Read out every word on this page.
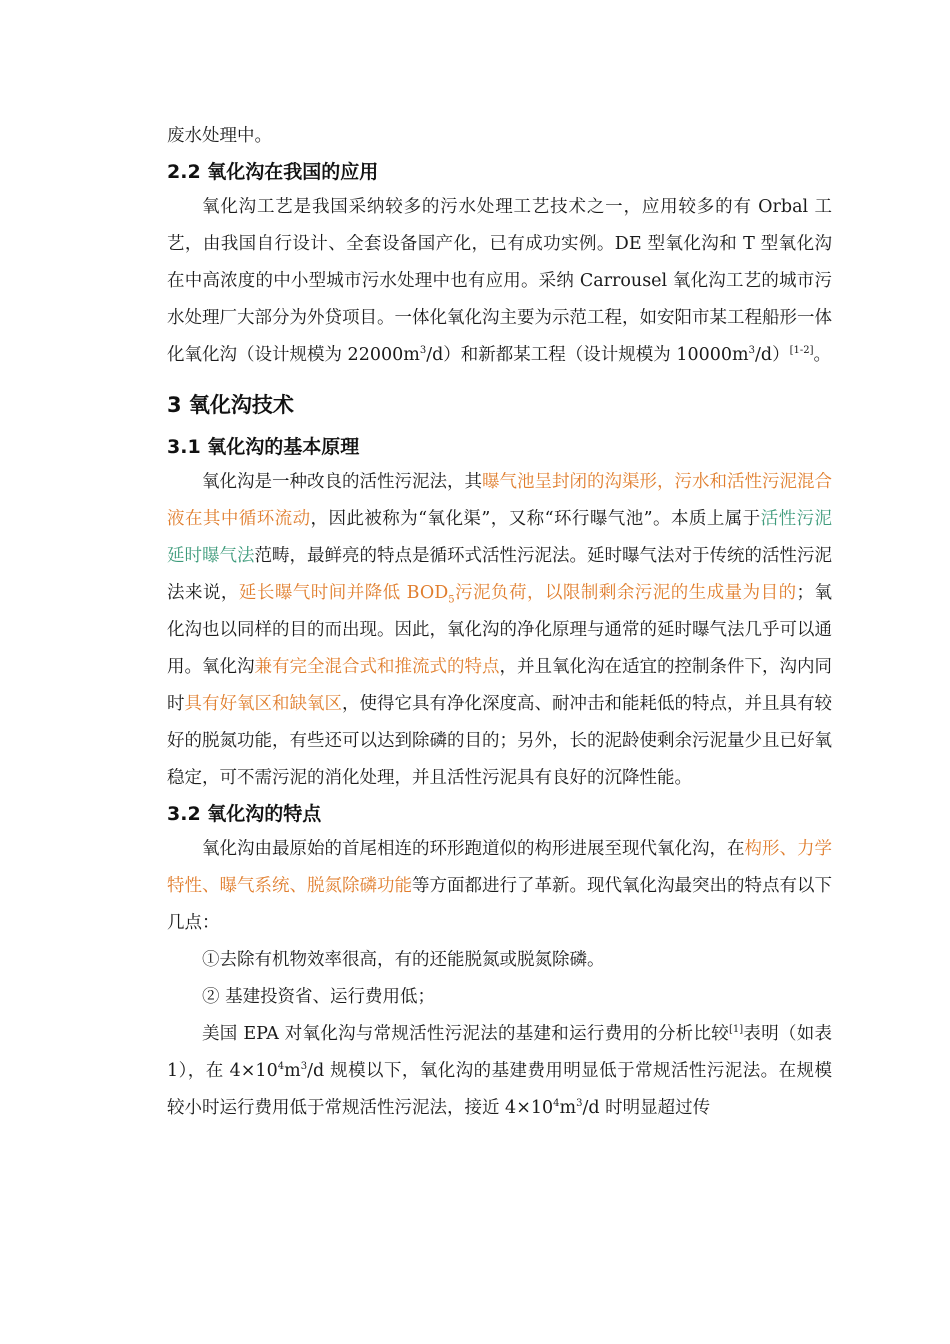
废水处理中。

2.2 氧化沟在我国的应用

氧化沟工艺是我国采纳较多的污水处理工艺技术之一，应用较多的有 Orbal 工艺，由我国自行设计、全套设备国产化，已有成功实例。DE 型氧化沟和 T 型氧化沟在中高浓度的中小型城市污水处理中也有应用。采纳 Carrousel 氧化沟工艺的城市污水处理厂大部分为外贷项目。一体化氧化沟主要为示范工程，如安阳市某工程船形一体化氧化沟（设计规模为 $22000m^3/d$）和新都某工程（设计规模为 $10000m^3/d)[1-2]$。

3 氧化沟技术
3.1 氧化沟的基本原理

氧化沟是一种改良的活性污泥法，其曝气池呈封闭的沟渠形，污水和活性污泥混合液在其中循环流动，因此被称为“氧化渠”，又称“环行曝气池”。本质上属于活性污泥延时曝气法范畴，最鲜亮的特点是循环式活性污泥法。延时曝气法对于传统的活性污泥法来说，延长曝气时间并降低 $BOD_5$污泥负荷，以限制剩余污泥的生成量为目的；氧化沟也以同样的目的而出现。因此，氧化沟的净化原理与通常的延时曝气法几乎可以通用。氧化沟兼有完全混合式和推流式的特点，并且氧化沟在适宜的控制条件下，沟内同时具有好氧区和缺氧区，使得它具有净化深度高、耐冲击和能耗低的特点，并且具有较好的脱氮功能，有些还可以达到除磷的目的；另外，长的泥龄使剩余污泥量少且已好氧稳定，可不需污泥的消化处理，并且活性污泥具有良好的沉降性能。

3.2 氧化沟的特点

氧化沟由最原始的首尾相连的环形跑道似的构形进展至现代氧化沟，在构形、力学特性、曝气系统、脱氮除磷功能等方面都进行了革新。现代氧化沟最突出的特点有以下几点：

①去除有机物效率很高，有的还能脱氮或脱氮除磷。

② 基建投资省、运行费用低；

美国 EPA 对氧化沟与常规活性污泥法的基建和运行费用的分析比较[1]表明（如表 1），在 $4\times 10^4m^3/d$ 规模以下，氧化沟的基建费用明显低于常规活性污泥法。在规模较小时运行费用低于常规活性污泥法，接近 $4\times 10^4m^3/d$ 时明显超过传
